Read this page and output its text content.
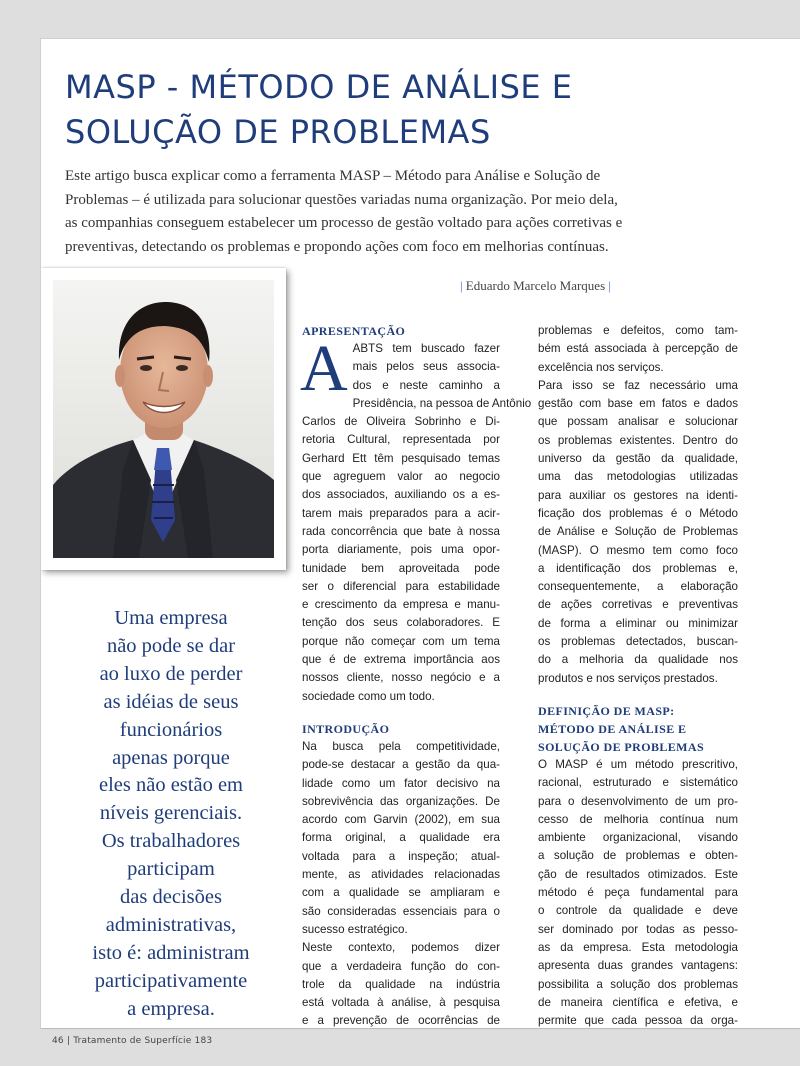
MASP - MÉTODO DE ANÁLISE E
SOLUÇÃO DE PROBLEMAS
Este artigo busca explicar como a ferramenta MASP – Método para Análise e Solução de
Problemas – é utilizada para solucionar questões variadas numa organização. Por meio dela,
as companhias conseguem estabelecer um processo de gestão voltado para ações corretivas e
preventivas, detectando os problemas e propondo ações com foco em melhorias contínuas.
| Eduardo Marcelo Marques |
Uma empresa
não pode se dar
ao luxo de perder
as idéias de seus
funcionários
apenas porque
eles não estão em
níveis gerenciais.
Os trabalhadores
participam
das decisões
administrativas,
isto é: administram
participativamente
a empresa.
APRESENTAÇÃO
A ABTS tem buscado fazer
mais pelos seus associa-
dos e neste caminho a
Presidência, na pessoa de Antônio
Carlos de Oliveira Sobrinho e Di-
retoria Cultural, representada por
Gerhard Ett têm pesquisado temas
que agreguem valor ao negocio
dos associados, auxiliando os a es-
tarem mais preparados para a acir-
rada concorrência que bate à nossa
porta diariamente, pois uma opor-
tunidade bem aproveitada pode
ser o diferencial para estabilidade
e crescimento da empresa e manu-
tenção dos seus colaboradores. E
porque não começar com um tema
que é de extrema importância aos
nossos cliente, nosso negócio e a
sociedade como um todo.
INTRODUÇÃO
Na busca pela competitividade,
pode-se destacar a gestão da qua-
lidade como um fator decisivo na
sobrevivência das organizações. De
acordo com Garvin (2002), em sua
forma original, a qualidade era
voltada para a inspeção; atual-
mente, as atividades relacionadas
com a qualidade se ampliaram e
são consideradas essenciais para o
sucesso estratégico.
Neste contexto, podemos dizer
que a verdadeira função do con-
trole da qualidade na indústria
está voltada à análise, à pesquisa
e a prevenção de ocorrências de
problemas e defeitos, como tam-
bém está associada à percepção de
excelência nos serviços.
Para isso se faz necessário uma
gestão com base em fatos e dados
que possam analisar e solucionar
os problemas existentes. Dentro do
universo da gestão da qualidade,
uma das metodologias utilizadas
para auxiliar os gestores na identi-
ficação dos problemas é o Método
de Análise e Solução de Problemas
(MASP). O mesmo tem como foco
a identificação dos problemas e,
consequentemente, a elaboração
de ações corretivas e preventivas
de forma a eliminar ou minimizar
os problemas detectados, buscan-
do a melhoria da qualidade nos
produtos e nos serviços prestados.
DEFINIÇÃO DE MASP:
MÉTODO DE ANÁLISE E
SOLUÇÃO DE PROBLEMAS
O MASP é um método prescritivo,
racional, estruturado e sistemático
para o desenvolvimento de um pro-
cesso de melhoria contínua num
ambiente organizacional, visando
a solução de problemas e obten-
ção de resultados otimizados. Este
método é peça fundamental para
o controle da qualidade e deve
ser dominado por todas as pesso-
as da empresa. Esta metodologia
apresenta duas grandes vantagens:
possibilita a solução dos problemas
de maneira científica e efetiva, e
permite que cada pessoa da orga-
46 | Tratamento de Superfície 183
